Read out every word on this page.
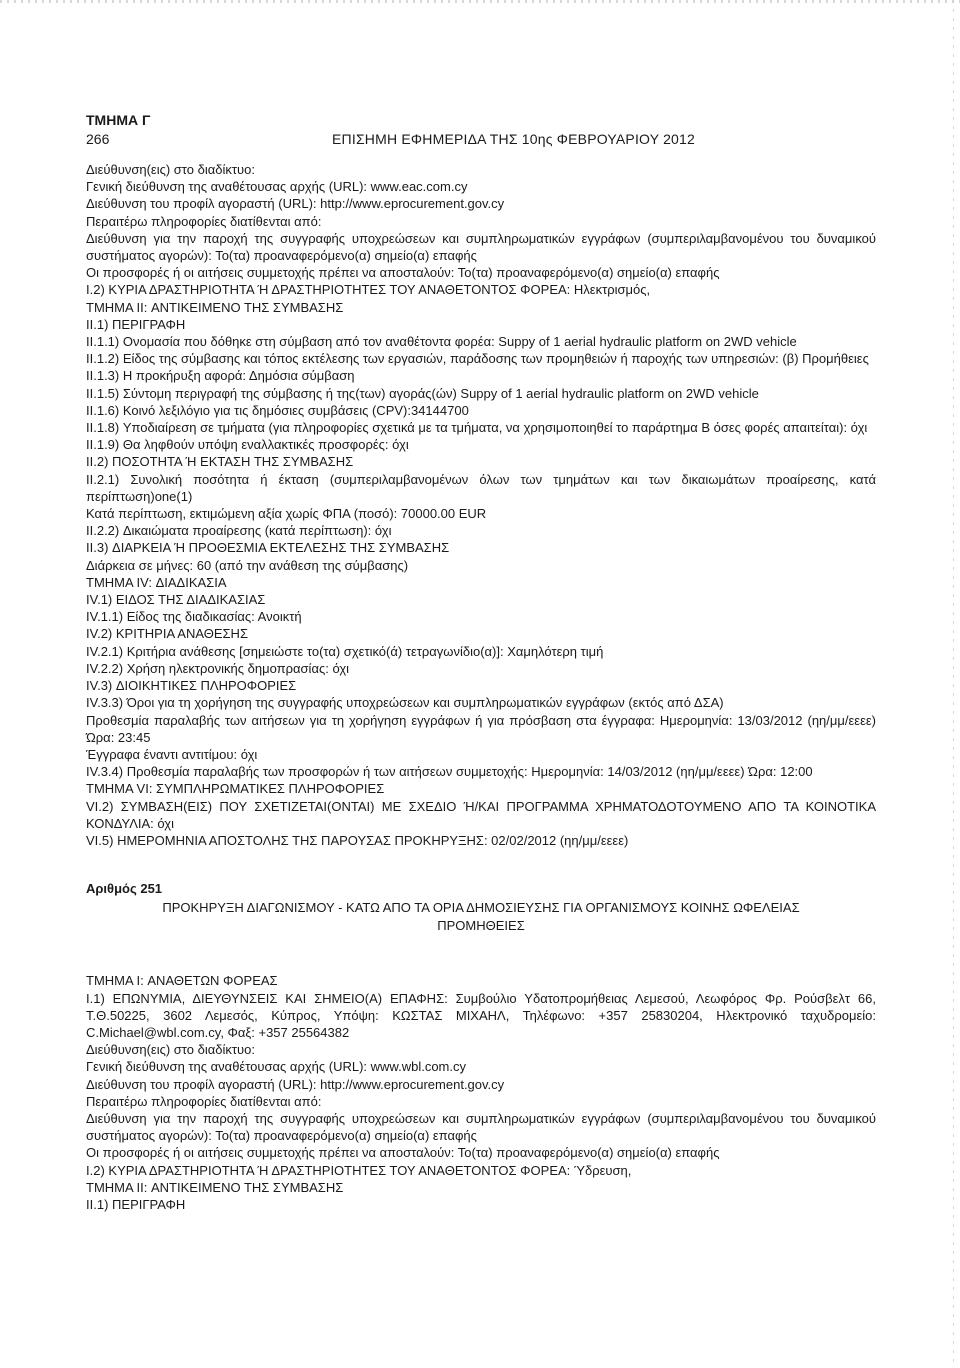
ΤΜΗΜΑ Γ
266	ΕΠΙΣΗΜΗ ΕΦΗΜΕΡΙΔΑ ΤΗΣ 10ης ΦΕΒΡΟΥΑΡΙΟΥ 2012
Διεύθυνση(εις) στο διαδίκτυο:
Γενική διεύθυνση της αναθέτουσας αρχής (URL): www.eac.com.cy
Διεύθυνση του προφίλ αγοραστή (URL): http://www.eprocurement.gov.cy
Περαιτέρω πληροφορίες διατίθενται από:
Διεύθυνση για την παροχή της συγγραφής υποχρεώσεων και συμπληρωματικών εγγράφων (συμπεριλαμβανομένου του δυναμικού συστήματος αγορών): Το(τα) προαναφερόμενο(α) σημείο(α) επαφής
Οι προσφορές ή οι αιτήσεις συμμετοχής πρέπει να αποσταλούν: Το(τα) προαναφερόμενο(α) σημείο(α) επαφής
I.2) ΚΥΡΙΑ ΔΡΑΣΤΗΡΙΟΤΗΤΑ Ή ΔΡΑΣΤΗΡΙΟΤΗΤΕΣ ΤΟΥ ΑΝΑΘΕΤΟΝΤΟΣ ΦΟΡΕΑ: Ηλεκτρισμός,
ΤΜΗΜΑ II: ΑΝΤΙΚΕΙΜΕΝΟ ΤΗΣ ΣΥΜΒΑΣΗΣ
II.1) ΠΕΡΙΓΡΑΦΗ
II.1.1) Ονομασία που δόθηκε στη σύμβαση από τον αναθέτοντα φορέα: Suppy of 1 aerial hydraulic platform on 2WD vehicle
II.1.2) Είδος της σύμβασης και τόπος εκτέλεσης των εργασιών, παράδοσης των προμηθειών ή παροχής των υπηρεσιών: (β) Προμήθειες
II.1.3) Η προκήρυξη αφορά: Δημόσια σύμβαση
II.1.5) Σύντομη περιγραφή της σύμβασης ή της(των) αγοράς(ών) Suppy of 1 aerial hydraulic platform on 2WD vehicle
II.1.6) Κοινό λεξιλόγιο για τις δημόσιες συμβάσεις (CPV):34144700
II.1.8) Υποδιαίρεση σε τμήματα (για πληροφορίες σχετικά με τα τμήματα, να χρησιμοποιηθεί το παράρτημα Β όσες φορές απαιτείται): όχι
II.1.9) Θα ληφθούν υπόψη εναλλακτικές προσφορές: όχι
II.2) ΠΟΣΟΤΗΤΑ Ή ΕΚΤΑΣΗ ΤΗΣ ΣΥΜΒΑΣΗΣ
II.2.1) Συνολική ποσότητα ή έκταση (συμπεριλαμβανομένων όλων των τμημάτων και των δικαιωμάτων προαίρεσης, κατά περίπτωση)one(1)
Κατά περίπτωση, εκτιμώμενη αξία χωρίς ΦΠΑ (ποσό): 70000.00 EUR
II.2.2) Δικαιώματα προαίρεσης (κατά περίπτωση): όχι
II.3) ΔΙΑΡΚΕΙΑ Ή ΠΡΟΘΕΣΜΙΑ ΕΚΤΕΛΕΣΗΣ ΤΗΣ ΣΥΜΒΑΣΗΣ
Διάρκεια σε μήνες: 60 (από την ανάθεση της σύμβασης)
ΤΜΗΜΑ IV: ΔΙΑΔΙΚΑΣΙΑ
IV.1) ΕΙΔΟΣ ΤΗΣ ΔΙΑΔΙΚΑΣΙΑΣ
IV.1.1) Είδος της διαδικασίας: Ανοικτή
IV.2) ΚΡΙΤΗΡΙΑ ΑΝΑΘΕΣΗΣ
IV.2.1) Κριτήρια ανάθεσης [σημειώστε το(τα) σχετικό(ά) τετραγωνίδιο(α)]: Χαμηλότερη τιμή
IV.2.2) Χρήση ηλεκτρονικής δημοπρασίας: όχι
IV.3) ΔΙΟΙΚΗΤΙΚΕΣ ΠΛΗΡΟΦΟΡΙΕΣ
IV.3.3) Όροι για τη χορήγηση της συγγραφής υποχρεώσεων και συμπληρωματικών εγγράφων (εκτός από ΔΣΑ)
Προθεσμία παραλαβής των αιτήσεων για τη χορήγηση εγγράφων ή για πρόσβαση στα έγγραφα: Ημερομηνία: 13/03/2012 (ηη/μμ/εεεε) Ώρα: 23:45
Έγγραφα έναντι αντιτίμου: όχι
IV.3.4) Προθεσμία παραλαβής των προσφορών ή των αιτήσεων συμμετοχής: Ημερομηνία: 14/03/2012 (ηη/μμ/εεεε) Ώρα: 12:00
ΤΜΗΜΑ VI: ΣΥΜΠΛΗΡΩΜΑΤΙΚΕΣ ΠΛΗΡΟΦΟΡΙΕΣ
VI.2) ΣΥΜΒΑΣΗ(ΕΙΣ) ΠΟΥ ΣΧΕΤΙΖΕΤΑΙ(ΟΝΤΑΙ) ΜΕ ΣΧΕΔΙΟ Ή/ΚΑΙ ΠΡΟΓΡΑΜΜΑ ΧΡΗΜΑΤΟΔΟΤΟΥΜΕΝΟ ΑΠΟ ΤΑ ΚΟΙΝΟΤΙΚΑ ΚΟΝΔΥΛΙΑ: όχι
VI.5) ΗΜΕΡΟΜΗΝΙΑ ΑΠΟΣΤΟΛΗΣ ΤΗΣ ΠΑΡΟΥΣΑΣ ΠΡΟΚΗΡΥΞΗΣ: 02/02/2012 (ηη/μμ/εεεε)
Αριθμός 251
ΠΡΟΚΗΡΥΞΗ ΔΙΑΓΩΝΙΣΜΟΥ - ΚΑΤΩ ΑΠΟ ΤΑ ΟΡΙΑ ΔΗΜΟΣΙΕΥΣΗΣ ΓΙΑ ΟΡΓΑΝΙΣΜΟΥΣ ΚΟΙΝΗΣ ΩΦΕΛΕΙΑΣ
ΠΡΟΜΗΘΕΙΕΣ
ΤΜΗΜΑ I: ΑΝΑΘΕΤΩΝ ΦΟΡΕΑΣ
I.1) ΕΠΩΝΥΜΙΑ, ΔΙΕΥΘΥΝΣΕΙΣ ΚΑΙ ΣΗΜΕΙΟ(Α) ΕΠΑΦΗΣ: Συμβούλιο Υδατοπρομήθειας Λεμεσού, Λεωφόρος Φρ. Ρούσβελτ 66, Τ.Θ.50225, 3602 Λεμεσός, Κύπρος, Υπόψη: ΚΩΣΤΑΣ ΜΙΧΑΗΛ, Τηλέφωνο: +357 25830204, Ηλεκτρονικό ταχυδρομείο: C.Michael@wbl.com.cy, Φαξ: +357 25564382
Διεύθυνση(εις) στο διαδίκτυο:
Γενική διεύθυνση της αναθέτουσας αρχής (URL): www.wbl.com.cy
Διεύθυνση του προφίλ αγοραστή (URL): http://www.eprocurement.gov.cy
Περαιτέρω πληροφορίες διατίθενται από:
Διεύθυνση για την παροχή της συγγραφής υποχρεώσεων και συμπληρωματικών εγγράφων (συμπεριλαμβανομένου του δυναμικού συστήματος αγορών): Το(τα) προαναφερόμενο(α) σημείο(α) επαφής
Οι προσφορές ή οι αιτήσεις συμμετοχής πρέπει να αποσταλούν: Το(τα) προαναφερόμενο(α) σημείο(α) επαφής
I.2) ΚΥΡΙΑ ΔΡΑΣΤΗΡΙΟΤΗΤΑ Ή ΔΡΑΣΤΗΡΙΟΤΗΤΕΣ ΤΟΥ ΑΝΑΘΕΤΟΝΤΟΣ ΦΟΡΕΑ: Ύδρευση,
ΤΜΗΜΑ II: ΑΝΤΙΚΕΙΜΕΝΟ ΤΗΣ ΣΥΜΒΑΣΗΣ
II.1) ΠΕΡΙΓΡΑΦΗ
